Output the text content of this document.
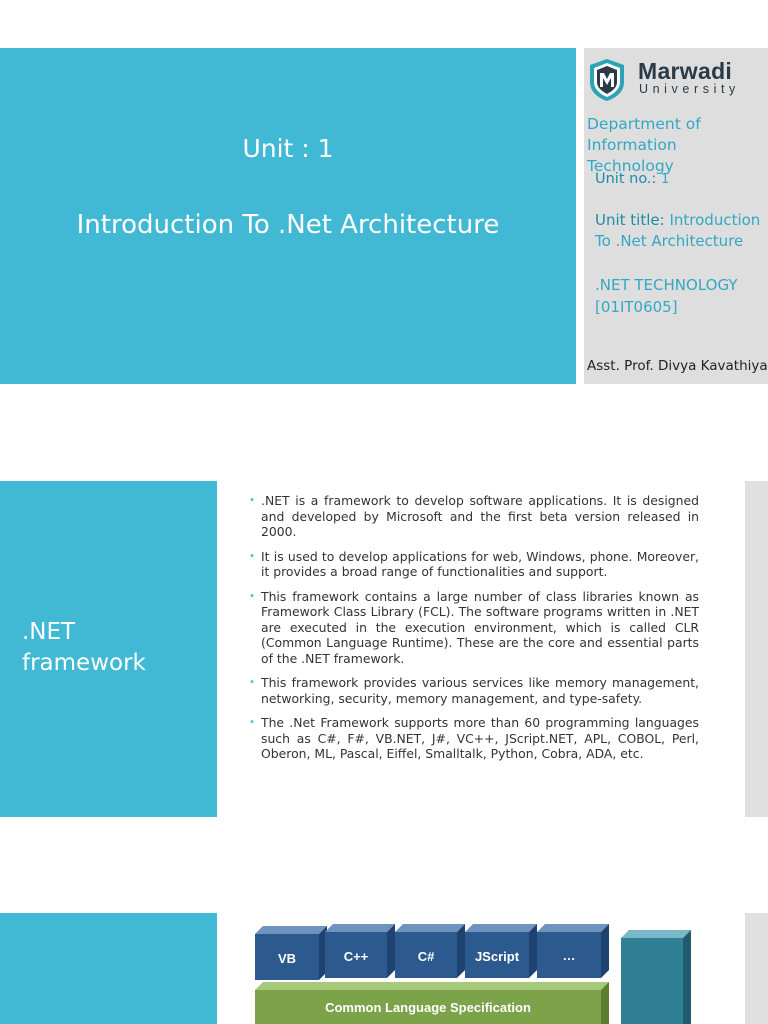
Unit : 1
Introduction To .Net Architecture
Marwadi
University
Department of
Information Technology
Unit no.: 1
Unit title: Introduction
To .Net Architecture
.NET TECHNOLOGY
[01IT0605]
Asst. Prof. Divya Kavathiya
.NET
framework
• .NET is a framework to develop software applications. It is designed and developed by Microsoft and the first beta version released in 2000.
• It is used to develop applications for web, Windows, phone. Moreover, it provides a broad range of functionalities and support.
• This framework contains a large number of class libraries known as Framework Class Library (FCL). The software programs written in .NET are executed in the execution environment, which is called CLR (Common Language Runtime). These are the core and essential parts of the .NET framework.
• This framework provides various services like memory management, networking, security, memory management, and type-safety.
• The .Net Framework supports more than 60 programming languages such as C#, F#, VB.NET, J#, VC++, JScript.NET, APL, COBOL, Perl, Oberon, ML, Pascal, Eiffel, Smalltalk, Python, Cobra, ADA, etc.
VB	C++	C#	JScript	…
Common Language Specification
